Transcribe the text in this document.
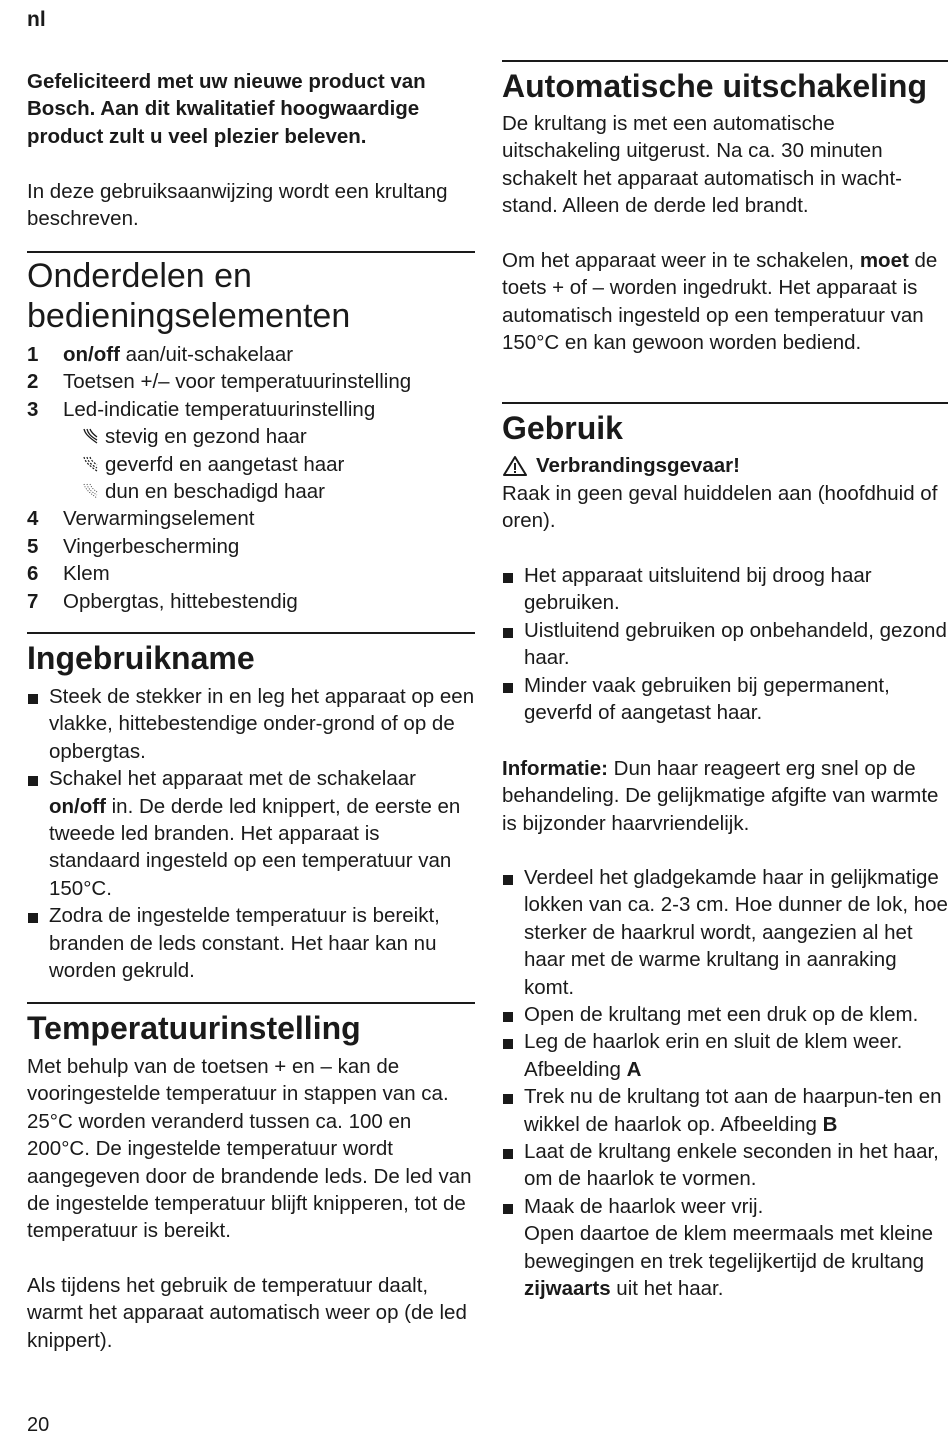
nl

Gefeliciteerd met uw nieuwe product van Bosch. Aan dit kwalitatief hoogwaardige product zult u veel plezier beleven.

In deze gebruiksaanwijzing wordt een krultang beschreven.

Onderdelen en
bedieningselementen
1	on/off aan/uit-schakelaar
2	Toetsen +/– voor temperatuurinstelling
3	Led-indicatie temperatuurinstelling
stevig en gezond haar
geverfd en aangetast haar
dun en beschadigd haar
4	Verwarmingselement
5	Vingerbescherming
6	Klem
7	Opbergtas, hittebestendig
Ingebruikname
Steek de stekker in en leg het apparaat op een vlakke, hittebestendige onder-grond of op de opbergtas.
Schakel het apparaat met de schakelaar on/off in. De derde led knippert, de eerste en tweede led branden. Het apparaat is standaard ingesteld op een temperatuur van 150°C.
Zodra de ingestelde temperatuur is bereikt, branden de leds constant. Het haar kan nu worden gekruld.
Temperatuurinstelling

Met behulp van de toetsen + en – kan de vooringestelde temperatuur in stappen van ca. 25°C worden veranderd tussen ca. 100 en 200°C. De ingestelde temperatuur wordt aangegeven door de brandende leds. De led van de ingestelde temperatuur blijft knipperen, tot de temperatuur is bereikt.

Als tijdens het gebruik de temperatuur daalt, warmt het apparaat automatisch weer op (de led knippert).

Automatische uitschakeling

De krultang is met een automatische uitschakeling uitgerust. Na ca. 30 minuten schakelt het apparaat automatisch in wacht-stand. Alleen de derde led brandt.

Om het apparaat weer in te schakelen, moet de toets + of – worden ingedrukt. Het apparaat is automatisch ingesteld op een temperatuur van 150°C en kan gewoon worden bediend.

Gebruik
Verbrandingsgevaar!

Raak in geen geval huiddelen aan (hoofdhuid of oren).

Het apparaat uitsluitend bij droog haar gebruiken.
Uistluitend gebruiken op onbehandeld, gezond haar.
Minder vaak gebruiken bij gepermanent, geverfd of aangetast haar.

Informatie: Dun haar reageert erg snel op de behandeling. De gelijkmatige afgifte van warmte is bijzonder haarvriendelijk.

Verdeel het gladgekamde haar in gelijkmatige lokken van ca. 2-3 cm. Hoe dunner de lok, hoe sterker de haarkrul wordt, aangezien al het haar met de warme krultang in aanraking komt.
Open de krultang met een druk op de klem.
Leg de haarlok erin en sluit de klem weer. Afbeelding A
Trek nu de krultang tot aan de haarpun-ten en wikkel de haarlok op. Afbeelding B
Laat de krultang enkele seconden in het haar, om de haarlok te vormen.
Maak de haarlok weer vrij.
Open daartoe de klem meermaals met kleine bewegingen en trek tegelijkertijd de krultang zijwaarts uit het haar.
20
